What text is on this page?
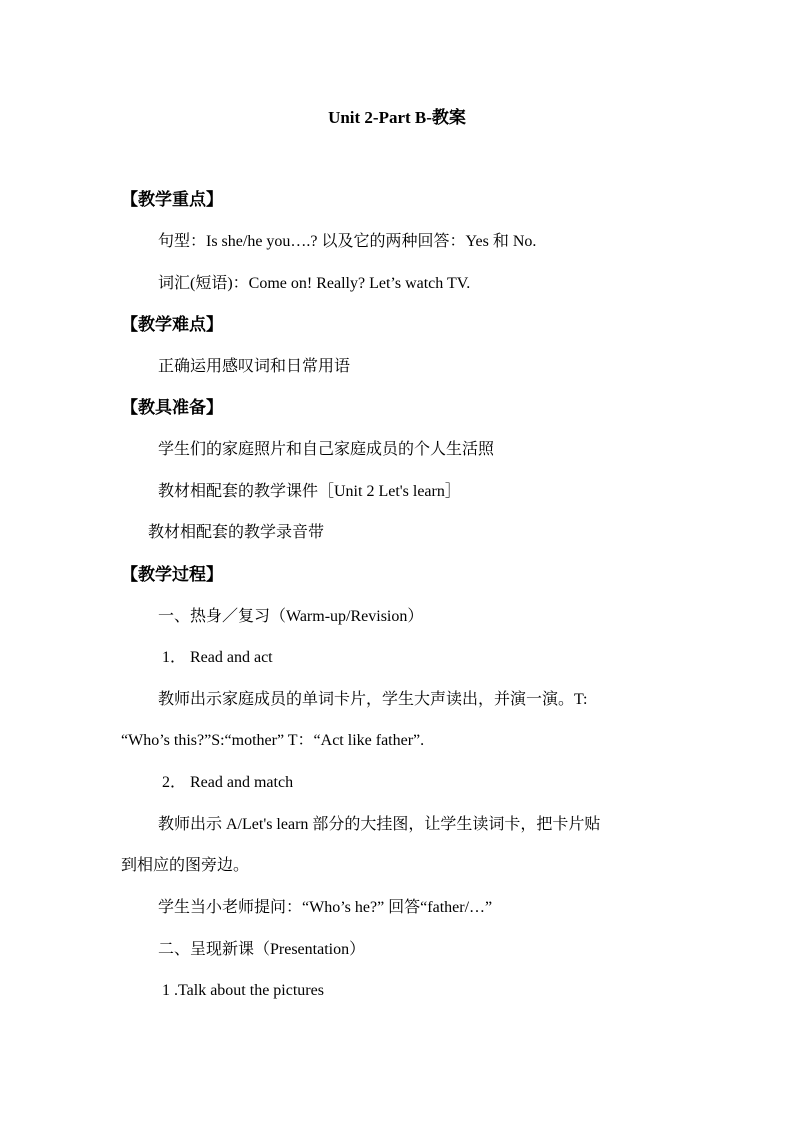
Unit 2-Part B-教案
【教学重点】
句型：Is she/he you….? 以及它的两种回答：Yes 和 No.
词汇(短语)：Come on! Really? Let’s watch TV.
【教学难点】
正确运用感叹词和日常用语
【教具准备】
学生们的家庭照片和自己家庭成员的个人生活照
教材相配套的教学课件［Unit 2 Let's learn］
教材相配套的教学录音带
【教学过程】
一、热身／复习（Warm-up/Revision）
1． Read and act
教师出示家庭成员的单词卡片，学生大声读出，并演一演。T:
“Who’s this?”S:“mother” T：“Act like father”.
2． Read and match
教师出示 A/Let's learn 部分的大挂图，让学生读词卡，把卡片贴
到相应的图旁边。
学生当小老师提问：“Who’s he?” 回答“father/…”
二、呈现新课（Presentation）
1 .Talk about the pictures
